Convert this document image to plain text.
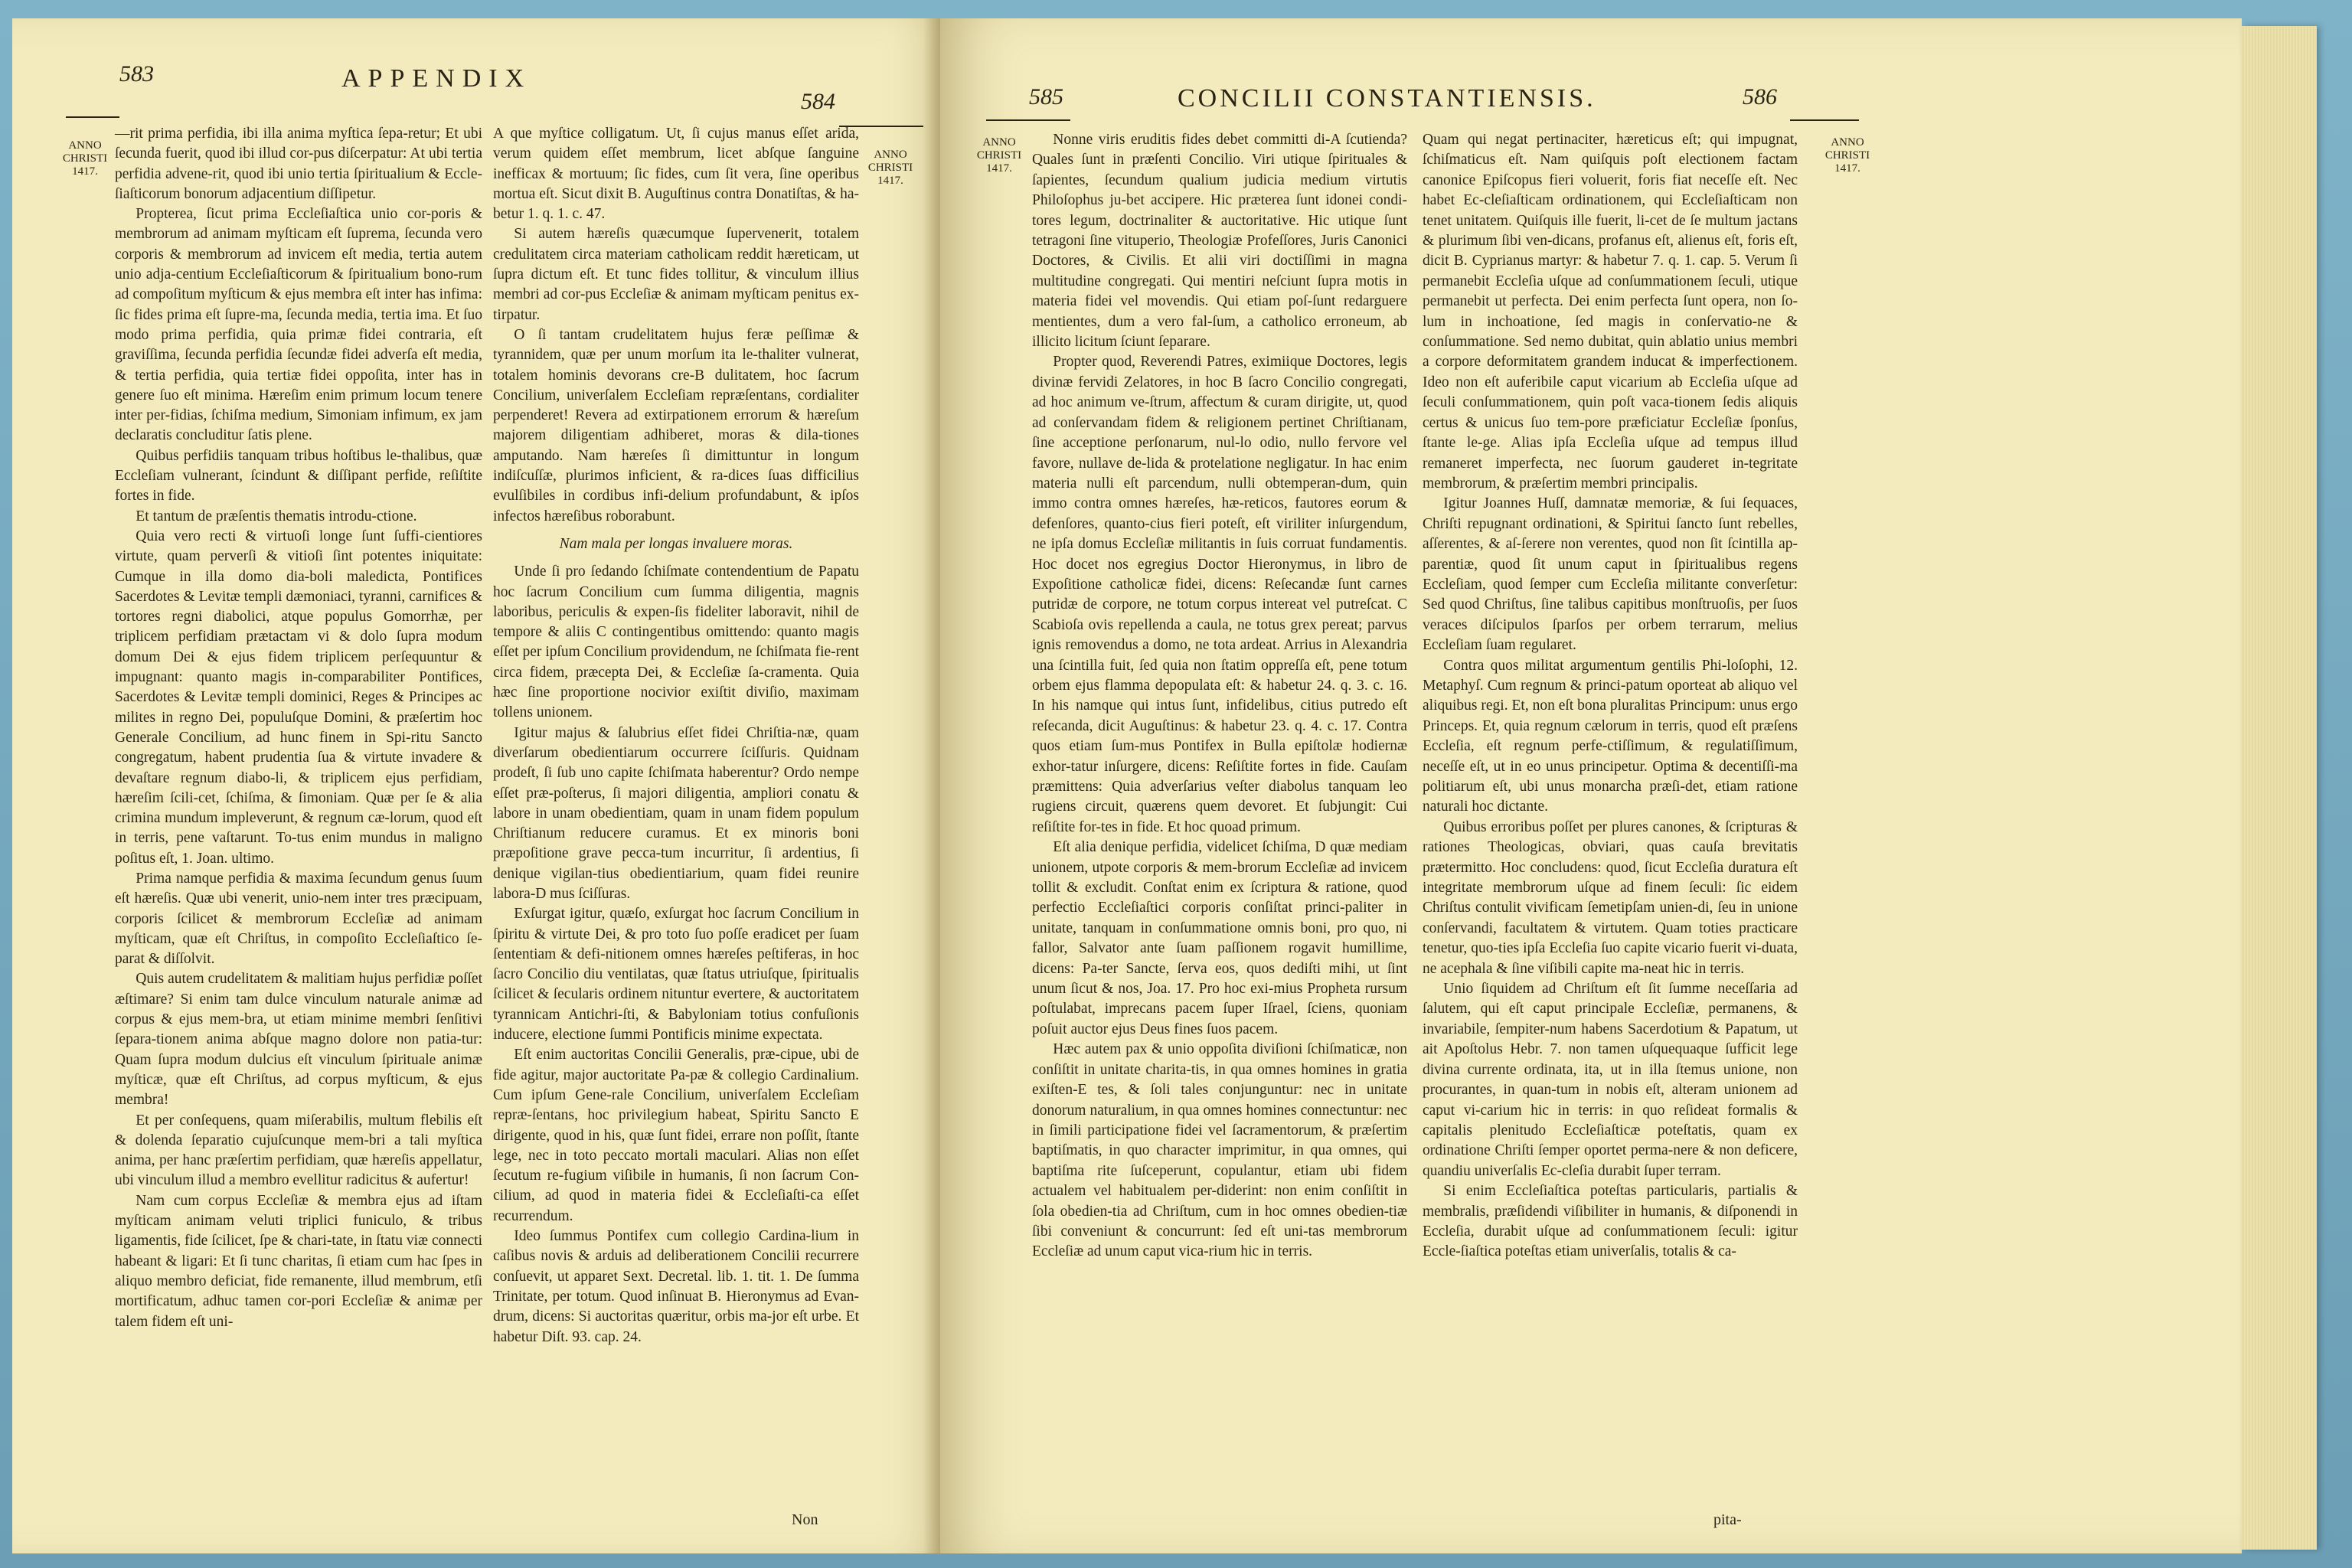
583	APPENDIX
584
ANNO
CHRISTI
1417.
ANNO
CHRISTI
1417.

—rit prima perfidia, ibi illa anima myſtica ſepa-retur; Et ubi ſecunda fuerit, quod ibi illud cor-pus diſcerpatur: At ubi tertia perfidia advene-rit, quod ibi unio tertia ſpiritualium & Eccle-ſiaſticorum bonorum adjacentium diſſipetur.

Propterea, ſicut prima Eccleſiaſtica unio cor-poris & membrorum ad animam myſticam eſt ſuprema, ſecunda vero corporis & membrorum ad invicem eſt media, tertia autem unio adja-centium Eccleſiaſticorum & ſpiritualium bono-rum ad compoſitum myſticum & ejus membra eſt inter has infima: ſic fides prima eſt ſupre-ma, ſecunda media, tertia ima. Et ſuo modo prima perfidia, quia primæ fidei contraria, eſt graviſſima, ſecunda perfidia ſecundæ fidei adverſa eſt media, & tertia perfidia, quia tertiæ fidei oppoſita, inter has in genere ſuo eſt minima. Hæreſim enim primum locum tenere inter per-fidias, ſchiſma medium, Simoniam infimum, ex jam declaratis concluditur ſatis plene.

Quibus perfidiis tanquam tribus hoſtibus le-thalibus, quæ Eccleſiam vulnerant, ſcindunt & diſſipant perfide, reſiſtite fortes in fide.

Et tantum de præſentis thematis introdu-ctione.

Quia vero recti & virtuoſi longe ſunt ſuffi-cientiores virtute, quam perverſi & vitioſi ſint potentes iniquitate: Cumque in illa domo dia-boli maledicta, Pontifices Sacerdotes & Levitæ templi dæmoniaci, tyranni, carnifices & tortores regni diabolici, atque populus Gomorrhæ, per triplicem perfidiam prætactam vi & dolo ſupra modum domum Dei & ejus fidem triplicem perſequuntur & impugnant: quanto magis in-comparabiliter Pontifices, Sacerdotes & Levitæ templi dominici, Reges & Principes ac milites in regno Dei, populuſque Domini, & præſertim hoc Generale Concilium, ad hunc finem in Spi-ritu Sancto congregatum, habent prudentia ſua & virtute invadere & devaſtare regnum diabo-li, & triplicem ejus perfidiam, hæreſim ſcili-cet, ſchiſma, & ſimoniam. Quæ per ſe & alia crimina mundum impleverunt, & regnum cæ-lorum, quod eſt in terris, pene vaſtarunt. To-tus enim mundus in maligno poſitus eſt, 1. Joan. ultimo.

Prima namque perfidia & maxima ſecundum genus ſuum eſt hæreſis. Quæ ubi venerit, unio-nem inter tres præcipuam, corporis ſcilicet & membrorum Eccleſiæ ad animam myſticam, quæ eſt Chriſtus, in compoſito Eccleſiaſtico ſe-parat & diſſolvit.

Quis autem crudelitatem & malitiam hujus perfidiæ poſſet æſtimare? Si enim tam dulce vinculum naturale animæ ad corpus & ejus mem-bra, ut etiam minime membri ſenſitivi ſepara-tionem anima abſque magno dolore non patia-tur: Quam ſupra modum dulcius eſt vinculum ſpirituale animæ myſticæ, quæ eſt Chriſtus, ad corpus myſticum, & ejus membra!

Et per conſequens, quam miſerabilis, multum flebilis eſt & dolenda ſeparatio cujuſcunque mem-bri a tali myſtica anima, per hanc præſertim perfidiam, quæ hæreſis appellatur, ubi vinculum illud a membro evellitur radicitus & aufertur!

Nam cum corpus Eccleſiæ & membra ejus ad iſtam myſticam animam veluti triplici funiculo, & tribus ligamentis, fide ſcilicet, ſpe & chari-tate, in ſtatu viæ connecti habeant & ligari: Et ſi tunc charitas, ſi etiam cum hac ſpes in aliquo membro deficiat, fide remanente, illud membrum, etſi mortificatum, adhuc tamen cor-pori Eccleſiæ & animæ per talem fidem eſt uni-

A que myſtice colligatum. Ut, ſi cujus manus eſſet arida, verum quidem eſſet membrum, licet abſque ſanguine inefficax & mortuum; ſic fides, cum ſit vera, ſine operibus mortua eſt. Sicut dixit B. Auguſtinus contra Donatiſtas, & ha-betur 1. q. 1. c. 47.

Si autem hæreſis quæcumque ſupervenerit, totalem credulitatem circa materiam catholicam reddit hæreticam, ut ſupra dictum eſt. Et tunc fides tollitur, & vinculum illius membri ad cor-pus Eccleſiæ & animam myſticam penitus ex-tirpatur.

O ſi tantam crudelitatem hujus feræ peſſimæ & tyrannidem, quæ per unum morſum ita le-thaliter vulnerat, totalem hominis devorans cre-B dulitatem, hoc ſacrum Concilium, univerſalem Eccleſiam repræſentans, cordialiter perpenderet! Revera ad extirpationem errorum & hæreſum majorem diligentiam adhiberet, moras & dila-tiones amputando. Nam hæreſes ſi dimittuntur in longum indiſcuſſæ, plurimos inficient, & ra-dices ſuas difficilius evulſibiles in cordibus infi-delium profundabunt, & ipſos infectos hæreſibus roborabunt.

Nam mala per longas invaluere moras.

Unde ſi pro ſedando ſchiſmate contendentium de Papatu hoc ſacrum Concilium cum ſumma diligentia, magnis laboribus, periculis & expen-ſis fideliter laboravit, nihil de tempore & aliis C contingentibus omittendo: quanto magis eſſet per ipſum Concilium providendum, ne ſchiſmata fie-rent circa fidem, præcepta Dei, & Eccleſiæ ſa-cramenta. Quia hæc ſine proportione nocivior exiſtit diviſio, maximam tollens unionem.

Igitur majus & ſalubrius eſſet fidei Chriſtia-næ, quam diverſarum obedientiarum occurrere ſciſſuris. Quidnam prodeſt, ſi ſub uno capite ſchiſmata haberentur? Ordo nempe eſſet præ-poſterus, ſi majori diligentia, ampliori conatu & labore in unam obedientiam, quam in unam fidem populum Chriſtianum reducere curamus. Et ex minoris boni præpoſitione grave pecca-tum incurritur, ſi ardentius, ſi denique vigilan-tius obedientiarium, quam fidei reunire labora-D mus ſciſſuras.

Exſurgat igitur, quæſo, exſurgat hoc ſacrum Concilium in ſpiritu & virtute Dei, & pro toto ſuo poſſe eradicet per ſuam ſententiam & defi-nitionem omnes hæreſes peſtiferas, in hoc ſacro Concilio diu ventilatas, quæ ſtatus utriuſque, ſpiritualis ſcilicet & ſecularis ordinem nituntur evertere, & auctoritatem tyrannicam Antichri-ſti, & Babyloniam totius confuſionis inducere, electione ſummi Pontificis minime expectata.

Eſt enim auctoritas Concilii Generalis, præ-cipue, ubi de fide agitur, major auctoritate Pa-pæ & collegio Cardinalium. Cum ipſum Gene-rale Concilium, univerſalem Eccleſiam repræ-ſentans, hoc privilegium habeat, Spiritu Sancto E dirigente, quod in his, quæ ſunt fidei, errare non poſſit, ſtante lege, nec in toto peccato mortali maculari. Alias non eſſet ſecutum re-fugium viſibile in humanis, ſi non ſacrum Con-cilium, ad quod in materia fidei & Eccleſiaſti-ca eſſet recurrendum.

Ideo ſummus Pontifex cum collegio Cardina-lium in caſibus novis & arduis ad deliberationem Concilii recurrere conſuevit, ut apparet Sext. Decretal. lib. 1. tit. 1. De ſumma Trinitate, per totum. Quod inſinuat B. Hieronymus ad Evan-drum, dicens: Si auctoritas quæritur, orbis ma-jor eſt urbe. Et habetur Diſt. 93. cap. 24.

Non
585	CONCILII CONSTANTIENSIS.	586
ANNO
CHRISTI
1417.
ANNO
CHRISTI
1417.

Nonne viris eruditis fides debet committi di-A ſcutienda? Quales ſunt in præſenti Concilio. Viri utique ſpirituales & ſapientes, ſecundum qualium judicia medium virtutis Philoſophus ju-bet accipere. Hic præterea ſunt idonei condi-tores legum, doctrinaliter & auctoritative. Hic utique ſunt tetragoni ſine vituperio, Theologiæ Profeſſores, Juris Canonici Doctores, & Civilis. Et alii viri doctiſſimi in magna multitudine congregati. Qui mentiri neſciunt ſupra motis in materia fidei vel movendis. Qui etiam poſ-ſunt redarguere mentientes, dum a vero fal-ſum, a catholico erroneum, ab illicito licitum ſciunt ſeparare.

Propter quod, Reverendi Patres, eximiique Doctores, legis divinæ fervidi Zelatores, in hoc B ſacro Concilio congregati, ad hoc animum ve-ſtrum, affectum & curam dirigite, ut, quod ad conſervandam fidem & religionem pertinet Chriſtianam, ſine acceptione perſonarum, nul-lo odio, nullo fervore vel favore, nullave de-lida & protelatione negligatur. In hac enim materia nulli eſt parcendum, nulli obtemperan-dum, quin immo contra omnes hæreſes, hæ-reticos, fautores eorum & defenſores, quanto-cius fieri poteſt, eſt viriliter inſurgendum, ne ipſa domus Eccleſiæ militantis in ſuis corruat fundamentis. Hoc docet nos egregius Doctor Hieronymus, in libro de Expoſitione catholicæ fidei, dicens: Reſecandæ ſunt carnes putridæ de corpore, ne totum corpus intereat vel putreſcat. C Scabioſa ovis repellenda a caula, ne totus grex pereat; parvus ignis removendus a domo, ne tota ardeat. Arrius in Alexandria una ſcintilla fuit, ſed quia non ſtatim oppreſſa eſt, pene totum orbem ejus flamma depopulata eſt: & habetur 24. q. 3. c. 16. In his namque qui intus ſunt, infidelibus, citius putredo eſt reſecanda, dicit Auguſtinus: & habetur 23. q. 4. c. 17. Contra quos etiam ſum-mus Pontifex in Bulla epiſtolæ hodiernæ exhor-tatur inſurgere, dicens: Reſiſtite fortes in fide. Cauſam præmittens: Quia adverſarius veſter diabolus tanquam leo rugiens circuit, quærens quem devoret. Et ſubjungit: Cui reſiſtite for-tes in fide. Et hoc quoad primum.

Eſt alia denique perfidia, videlicet ſchiſma, D quæ mediam unionem, utpote corporis & mem-brorum Eccleſiæ ad invicem tollit & excludit. Conſtat enim ex ſcriptura & ratione, quod perfectio Eccleſiaſtici corporis conſiſtat princi-paliter in unitate, tanquam in conſummatione omnis boni, pro quo, ni fallor, Salvator ante ſuam paſſionem rogavit humillime, dicens: Pa-ter Sancte, ſerva eos, quos dediſti mihi, ut ſint unum ſicut & nos, Joa. 17. Pro hoc exi-mius Propheta rursum poſtulabat, imprecans pacem ſuper Iſrael, ſciens, quoniam poſuit auctor ejus Deus fines ſuos pacem.

Hæc autem pax & unio oppoſita diviſioni ſchiſmaticæ, non conſiſtit in unitate charita-tis, in qua omnes homines in gratia exiſten-E tes, & ſoli tales conjunguntur: nec in unitate donorum naturalium, in qua omnes homines connectuntur: nec in ſimili participatione fidei vel ſacramentorum, & præſertim baptiſmatis, in quo character imprimitur, in qua omnes, qui baptiſma rite ſuſceperunt, copulantur, etiam ubi fidem actualem vel habitualem per-diderint: non enim conſiſtit in ſola obedien-tia ad Chriſtum, cum in hoc omnes obedien-tiæ ſibi conveniunt & concurrunt: ſed eſt uni-tas membrorum Eccleſiæ ad unum caput vica-rium hic in terris.

Quam qui negat pertinaciter, hæreticus eſt; qui impugnat, ſchiſmaticus eſt. Nam quiſquis poſt electionem factam canonice Epiſcopus fieri voluerit, foris fiat neceſſe eſt. Nec habet Ec-cleſiaſticam ordinationem, qui Eccleſiaſticam non tenet unitatem. Quiſquis ille fuerit, li-cet de ſe multum jactans & plurimum ſibi ven-dicans, profanus eſt, alienus eſt, foris eſt, dicit B. Cyprianus martyr: & habetur 7. q. 1. cap. 5. Verum ſi permanebit Eccleſia uſque ad conſummationem ſeculi, utique permanebit ut perfecta. Dei enim perfecta ſunt opera, non ſo-lum in inchoatione, ſed magis in conſervatio-ne & conſummatione. Sed nemo dubitat, quin ablatio unius membri a corpore deformitatem grandem inducat & imperfectionem. Ideo non eſt auferibile caput vicarium ab Eccleſia uſque ad ſeculi conſummationem, quin poſt vaca-tionem ſedis aliquis certus & unicus ſuo tem-pore præficiatur Eccleſiæ ſponſus, ſtante le-ge. Alias ipſa Eccleſia uſque ad tempus illud remaneret imperfecta, nec ſuorum gauderet in-tegritate membrorum, & præſertim membri principalis.

Igitur Joannes Huſſ, damnatæ memoriæ, & ſui ſequaces, Chriſti repugnant ordinationi, & Spiritui ſancto ſunt rebelles, aſſerentes, & aſ-ſerere non verentes, quod non ſit ſcintilla ap-parentiæ, quod ſit unum caput in ſpiritualibus regens Eccleſiam, quod ſemper cum Eccleſia militante converſetur: Sed quod Chriſtus, ſine talibus capitibus monſtruoſis, per ſuos veraces diſcipulos ſparſos per orbem terrarum, melius Eccleſiam ſuam regularet.

Contra quos militat argumentum gentilis Phi-loſophi, 12. Metaphyſ. Cum regnum & princi-patum oporteat ab aliquo vel aliquibus regi. Et, non eſt bona pluralitas Principum: unus ergo Princeps. Et, quia regnum cælorum in terris, quod eſt præſens Eccleſia, eſt regnum perfe-ctiſſimum, & regulatiſſimum, neceſſe eſt, ut in eo unus principetur. Optima & decentiſſi-ma politiarum eſt, ubi unus monarcha præſi-det, etiam ratione naturali hoc dictante.

Quibus erroribus poſſet per plures canones, & ſcripturas & rationes Theologicas, obviari, quas cauſa brevitatis prætermitto. Hoc concludens: quod, ſicut Eccleſia duratura eſt integritate membrorum uſque ad finem ſeculi: ſic eidem Chriſtus contulit vivificam ſemetipſam unien-di, ſeu in unione conſervandi, facultatem & virtutem. Quam toties practicare tenetur, quo-ties ipſa Eccleſia ſuo capite vicario fuerit vi-duata, ne acephala & ſine viſibili capite ma-neat hic in terris.

Unio ſiquidem ad Chriſtum eſt ſit ſumme neceſſaria ad ſalutem, qui eſt caput principale Eccleſiæ, permanens, & invariabile, ſempiter-num habens Sacerdotium & Papatum, ut ait Apoſtolus Hebr. 7. non tamen uſquequaque ſufficit lege divina currente ordinata, ita, ut in illa ſtemus unione, non procurantes, in quan-tum in nobis eſt, alteram unionem ad caput vi-carium hic in terris: in quo reſideat formalis & capitalis plenitudo Eccleſiaſticæ poteſtatis, quam ex ordinatione Chriſti ſemper oportet perma-nere & non deficere, quandiu univerſalis Ec-cleſia durabit ſuper terram.

Si enim Eccleſiaſtica poteſtas particularis, partialis & membralis, præſidendi viſibiliter in humanis, & diſponendi in Eccleſia, durabit uſque ad conſummationem ſeculi: igitur Eccle-ſiaſtica poteſtas etiam univerſalis, totalis & ca-

pita-
